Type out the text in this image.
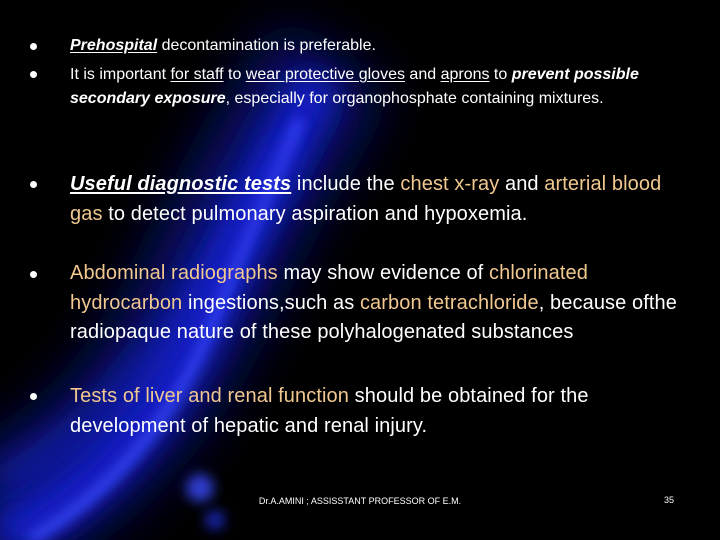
Prehospital decontamination is preferable.
It is important for staff to wear protective gloves and aprons to prevent possible secondary exposure, especially for organophosphate containing mixtures.
Useful diagnostic tests include the chest x-ray and arterial blood gas to detect pulmonary aspiration and hypoxemia.
Abdominal radiographs may show evidence of chlorinated hydrocarbon ingestions,such as carbon tetrachloride, because ofthe radiopaque nature of these polyhalogenated substances
Tests of liver and renal function should be obtained for the development of hepatic and renal injury.
Dr.A.AMINI ; ASSISSTANT PROFESSOR OF E.M.	35
